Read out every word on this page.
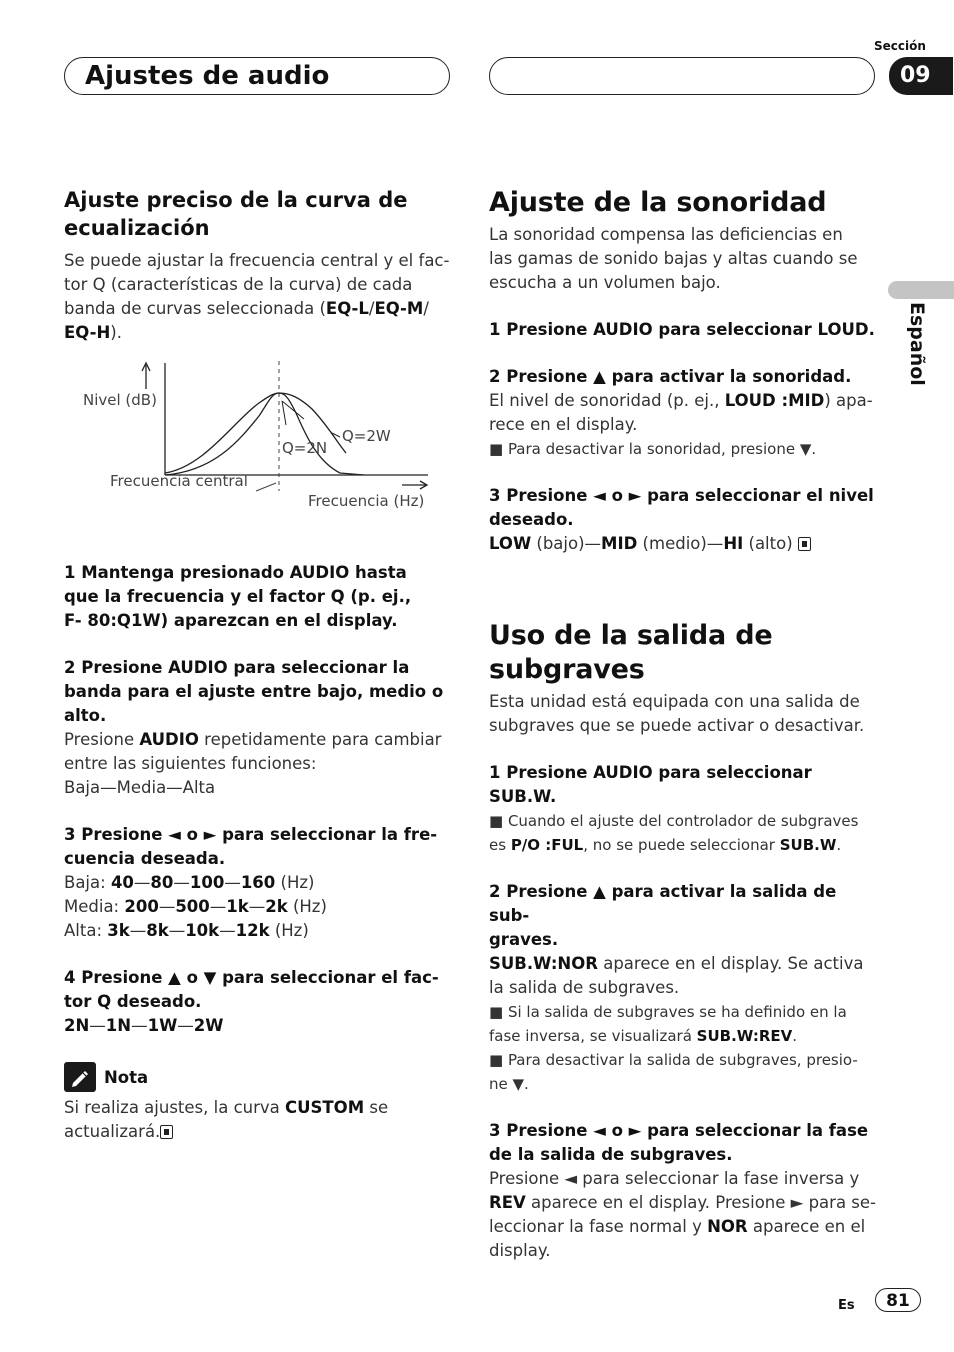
Ajustes de audio
Sección
09
Español
Ajuste preciso de la curva de ecualización

Se puede ajustar la frecuencia central y el fac-
tor Q (características de la curva) de cada
banda de curvas seleccionada (EQ-L/EQ-M/
EQ-H).

Nivel (dB)
Q=2N
Q=2W
Frecuencia central
Frecuencia (Hz)

1 Mantenga presionado AUDIO hasta
que la frecuencia y el factor Q (p. ej.,
F- 80:Q1W) aparezcan en el display.

2 Presione AUDIO para seleccionar la
banda para el ajuste entre bajo, medio o
alto.

Presione AUDIO repetidamente para cambiar
entre las siguientes funciones:
Baja—Media—Alta

3 Presione ◄ o ► para seleccionar la fre-
cuencia deseada.

Baja: 40—80—100—160 (Hz)
Media: 200—500—1k—2k (Hz)
Alta: 3k—8k—10k—12k (Hz)

4 Presione ▲ o ▼ para seleccionar el fac-
tor Q deseado.

2N—1N—1W—2W

Nota

Si realiza ajustes, la curva CUSTOM se
actualizará.

Ajuste de la sonoridad

La sonoridad compensa las deficiencias en
las gamas de sonido bajas y altas cuando se
escucha a un volumen bajo.

1 Presione AUDIO para seleccionar LOUD.

2 Presione ▲ para activar la sonoridad.

El nivel de sonoridad (p. ej., LOUD :MID) apa-
rece en el display.

■ Para desactivar la sonoridad, presione ▼.

3 Presione ◄ o ► para seleccionar el nivel
deseado.

LOW (bajo)—MID (medio)—HI (alto)

Uso de la salida de subgraves

Esta unidad está equipada con una salida de
subgraves que se puede activar o desactivar.

1 Presione AUDIO para seleccionar
SUB.W.

■ Cuando el ajuste del controlador de subgraves
es P/O :FUL, no se puede seleccionar SUB.W.

2 Presione ▲ para activar la salida de sub-
graves.

SUB.W:NOR aparece en el display. Se activa
la salida de subgraves.

■ Si la salida de subgraves se ha definido en la
fase inversa, se visualizará SUB.W:REV.

■ Para desactivar la salida de subgraves, presio-
ne ▼.

3 Presione ◄ o ► para seleccionar la fase
de la salida de subgraves.

Presione ◄ para seleccionar la fase inversa y
REV aparece en el display. Presione ► para se-
leccionar la fase normal y NOR aparece en el
display.

Es	81
